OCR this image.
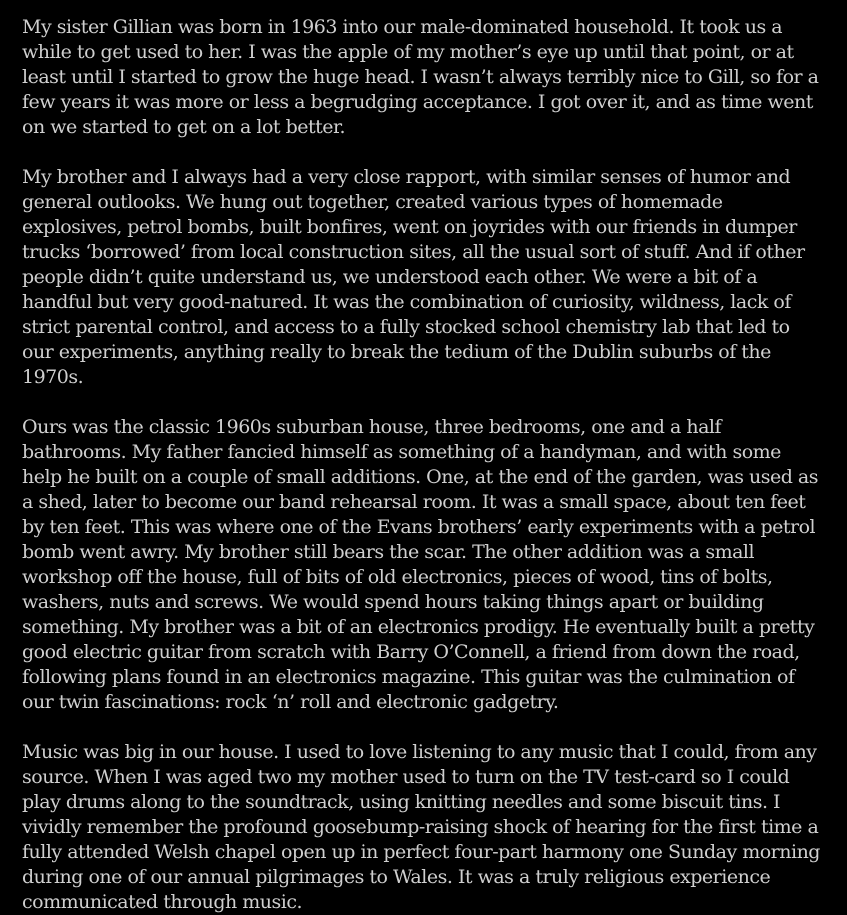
My sister Gillian was born in 1963 into our male-dominated household. It took us a while to get used to her. I was the apple of my mother’s eye up until that point, or at least until I started to grow the huge head. I wasn’t always terribly nice to Gill, so for a few years it was more or less a begrudging acceptance. I got over it, and as time went on we started to get on a lot better.

My brother and I always had a very close rapport, with similar senses of humor and general outlooks. We hung out together, created various types of homemade explosives, petrol bombs, built bonfires, went on joyrides with our friends in dumper trucks ‘borrowed’ from local construction sites, all the usual sort of stuff. And if other people didn’t quite understand us, we understood each other. We were a bit of a handful but very good-natured. It was the combination of curiosity, wildness, lack of strict parental control, and access to a fully stocked school chemistry lab that led to our experiments, anything really to break the tedium of the Dublin suburbs of the 1970s.

Ours was the classic 1960s suburban house, three bedrooms, one and a half bathrooms. My father fancied himself as something of a handyman, and with some help he built on a couple of small additions. One, at the end of the garden, was used as a shed, later to become our band rehearsal room. It was a small space, about ten feet by ten feet. This was where one of the Evans brothers’ early experiments with a petrol bomb went awry. My brother still bears the scar. The other addition was a small workshop off the house, full of bits of old electronics, pieces of wood, tins of bolts, washers, nuts and screws. We would spend hours taking things apart or building something. My brother was a bit of an electronics prodigy. He eventually built a pretty good electric guitar from scratch with Barry O’Connell, a friend from down the road, following plans found in an electronics magazine. This guitar was the culmination of our twin fascinations: rock ‘n’ roll and electronic gadgetry.

Music was big in our house. I used to love listening to any music that I could, from any source. When I was aged two my mother used to turn on the TV test-card so I could play drums along to the soundtrack, using knitting needles and some biscuit tins. I vividly remember the profound goosebump-raising shock of hearing for the first time a fully attended Welsh chapel open up in perfect four-part harmony one Sunday morning during one of our annual pilgrimages to Wales. It was a truly religious experience communicated through music.
